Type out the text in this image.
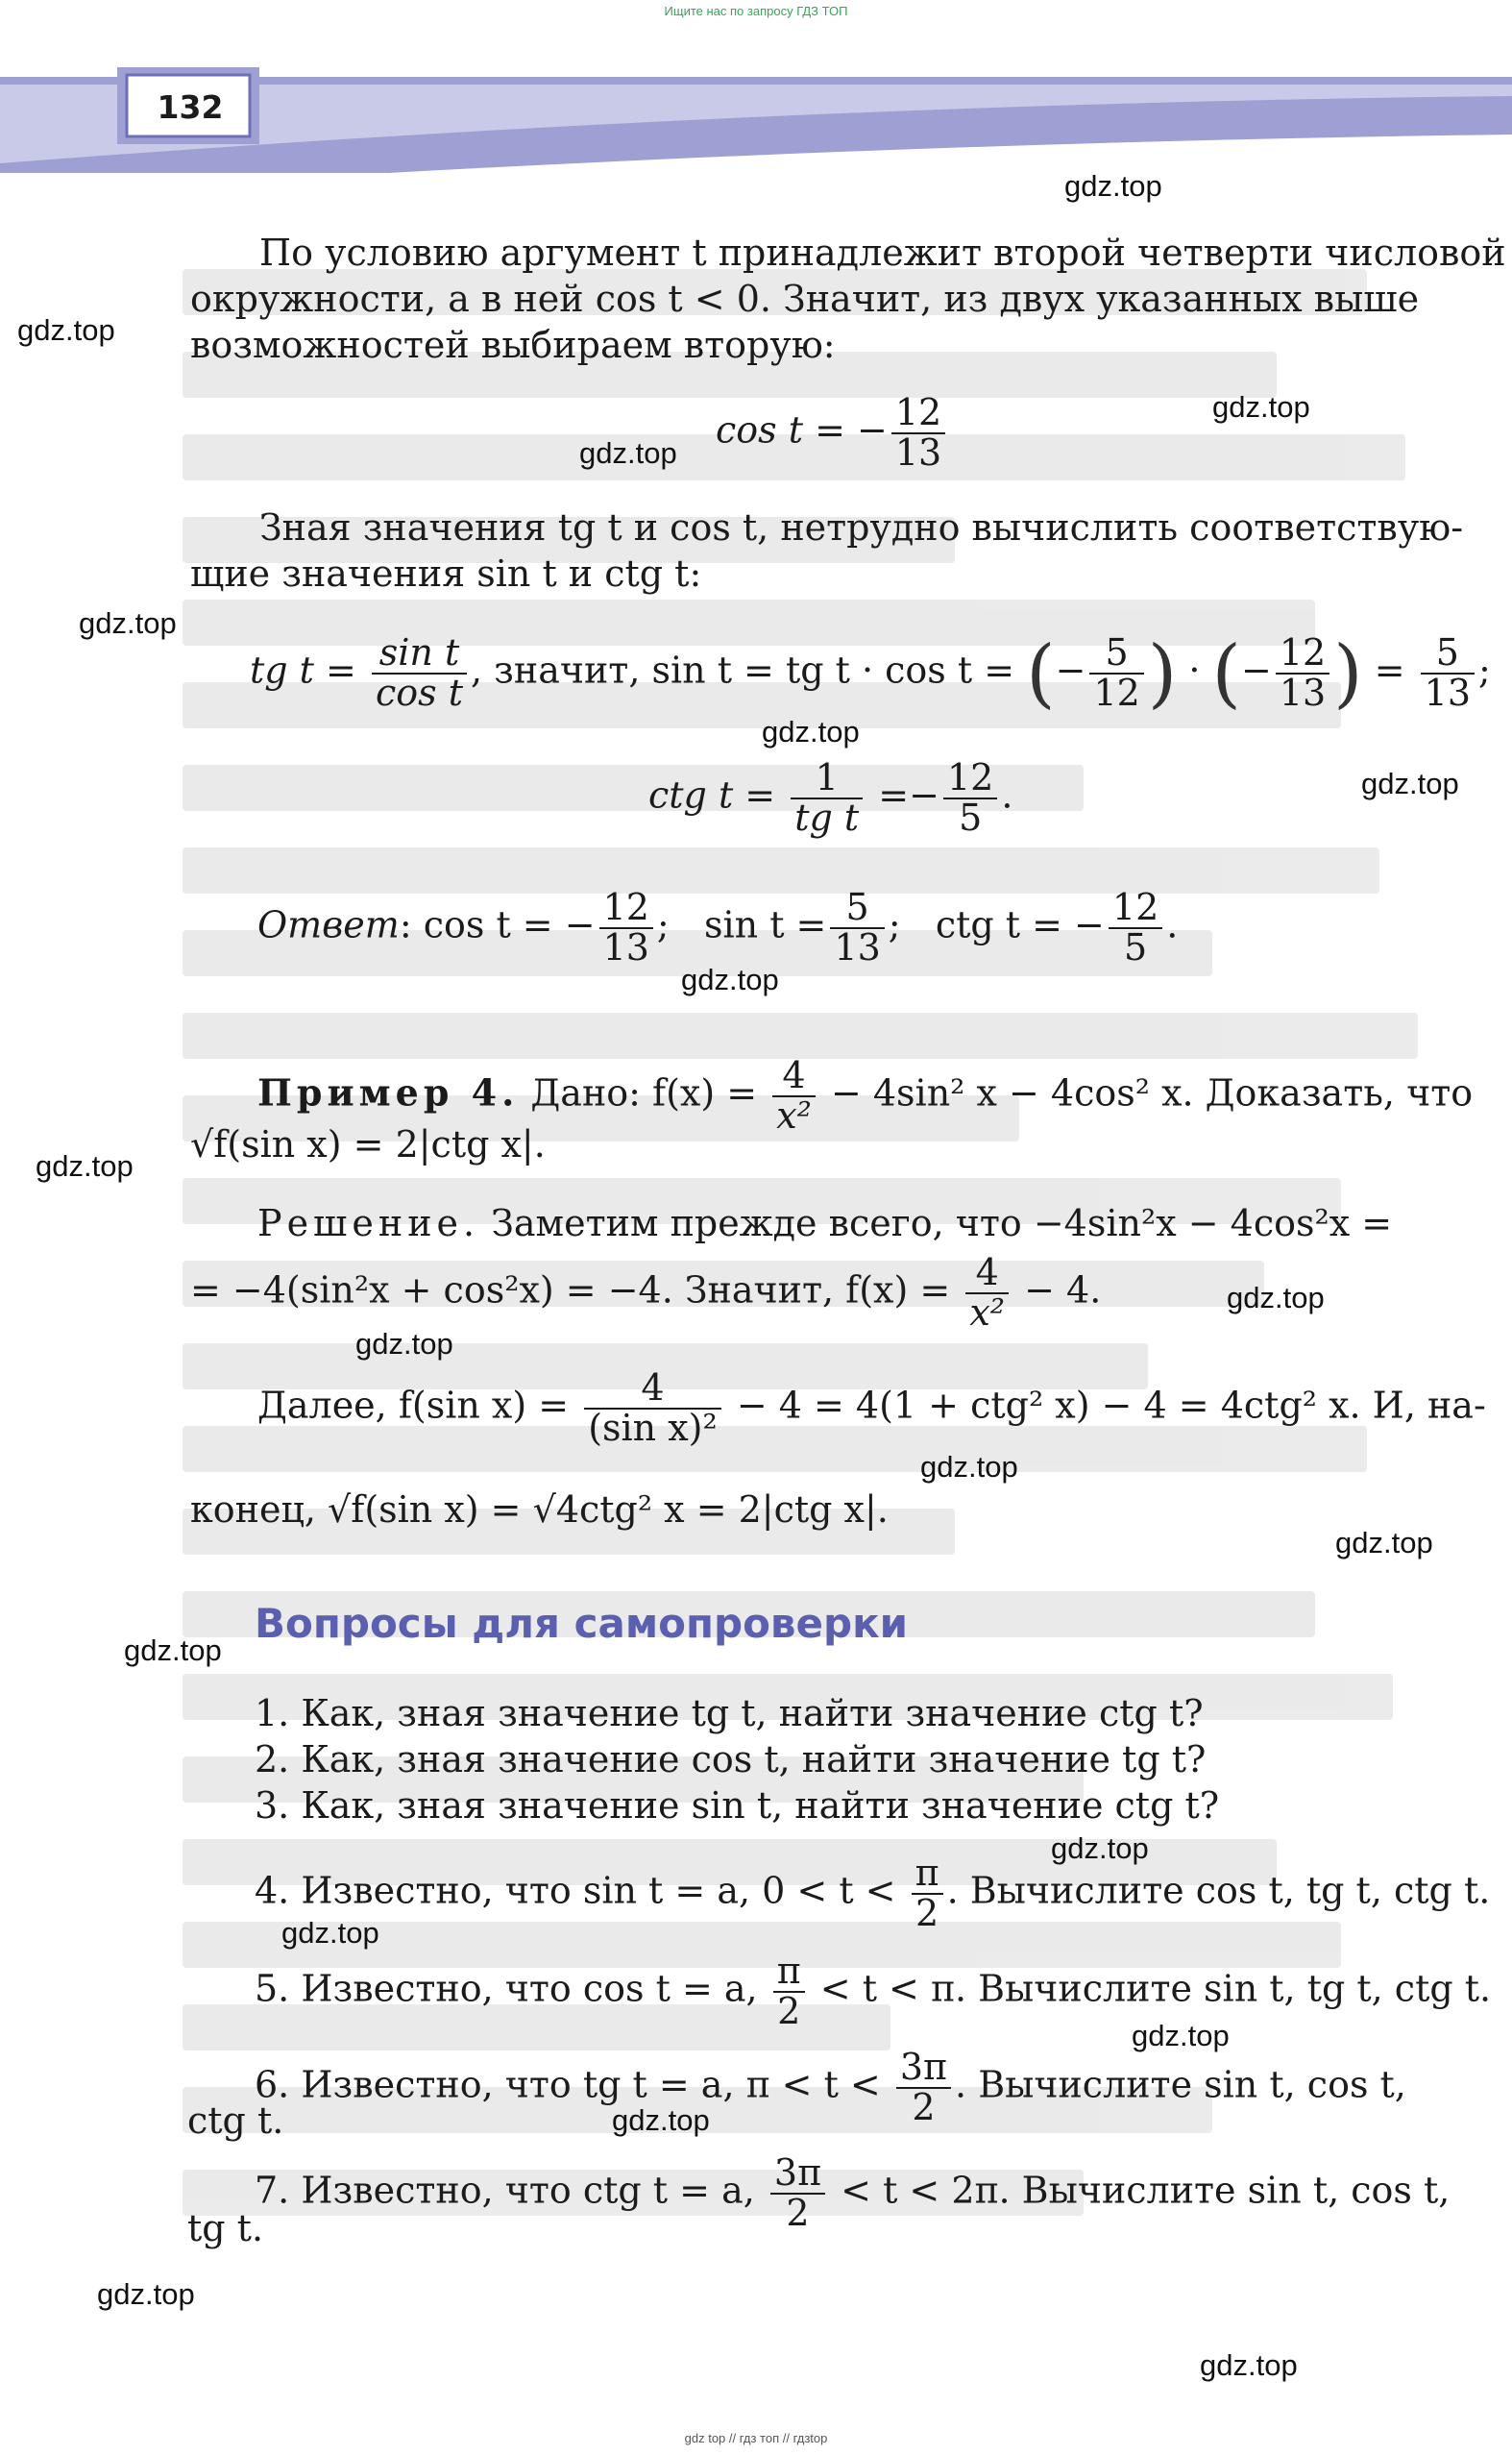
Ищите нас по запросу ГДЗ ТОП
132
По условию аргумент t принадлежит второй четверти числовой
окружности, а в ней cos t < 0. Значит, из двух указанных выше
возможностей выбираем вторую:
cos t = − $\frac{12}{13}$
Зная значения tg t и cos t, нетрудно вычислить соответствую-
щие значения sin t и ctg t:
tg $t = \frac{\text{sin t}}{\text{cos t}}$ , значит, sin t = tg t · cos t = (− $\frac{5}{12}$ ) · (− $\frac{12}{13}$ ) = $\frac{5}{13}$ ;
ctg $t = \frac{1}{\text{tg t}} =- \frac{12}{5}$ .
Ответ: cos t = − $\frac{12}{13}$ ; $\sin t = \frac{5}{13}$ ; ctg t = − $\frac{12}{5}$ .
Пример 4. Дано: $f(x) = \frac{4}{\text{x²}} - 4\sin^2$ x − 4cos² x. Доказать, что
√f(sin x) = 2|ctg x|.
Решение. Заметим прежде всего, что −4sin²x − 4cos²x =
= −4(sin²x + cos²x) = −4. Значит, $f(x) = \frac{4}{\text{x²}} - 4$.
Далее, f(sin $x) = \frac{4}{\text{(sin x)²}} - 4 = 4(1 + ctg^2$ x) − 4 = 4ctg² x. И, на-
конец, √f(sin x) = √4ctg² x = 2|ctg x|.
Вопросы для самопроверки
1. Как, зная значение tg t, найти значение ctg t?
2. Как, зная значение cos t, найти значение tg t?
3. Как, зная значение sin t, найти значение ctg t?
4. Известно, что sin t = a, $0 < t < \frac{\pi}{2}$ . Вычислите cos t, tg t, ctg t.
5. Известно, что cos t = a, $\frac{\pi}{2} < t < \pi$. Вычислите sin t, tg t, ctg t.
6. Известно, что tg t = a, $\pi < t < \frac{3\pi}{2}$ . Вычислите sin t, cos t,
ctg t.
7. Известно, что ctg t = a, $\frac{3\pi}{2} < t < 2\pi$. Вычислите sin t, cos t,
tg t.
gdz.top
gdz.top
gdz.top
gdz.top
gdz.top
gdz.top
gdz.top
gdz.top
gdz.top
gdz.top
gdz.top
gdz.top
gdz.top
gdz.top
gdz.top
gdz.top
gdz.top
gdz.top
gdz.top
gdz.top
gdz top // гдз топ // гдзtop
